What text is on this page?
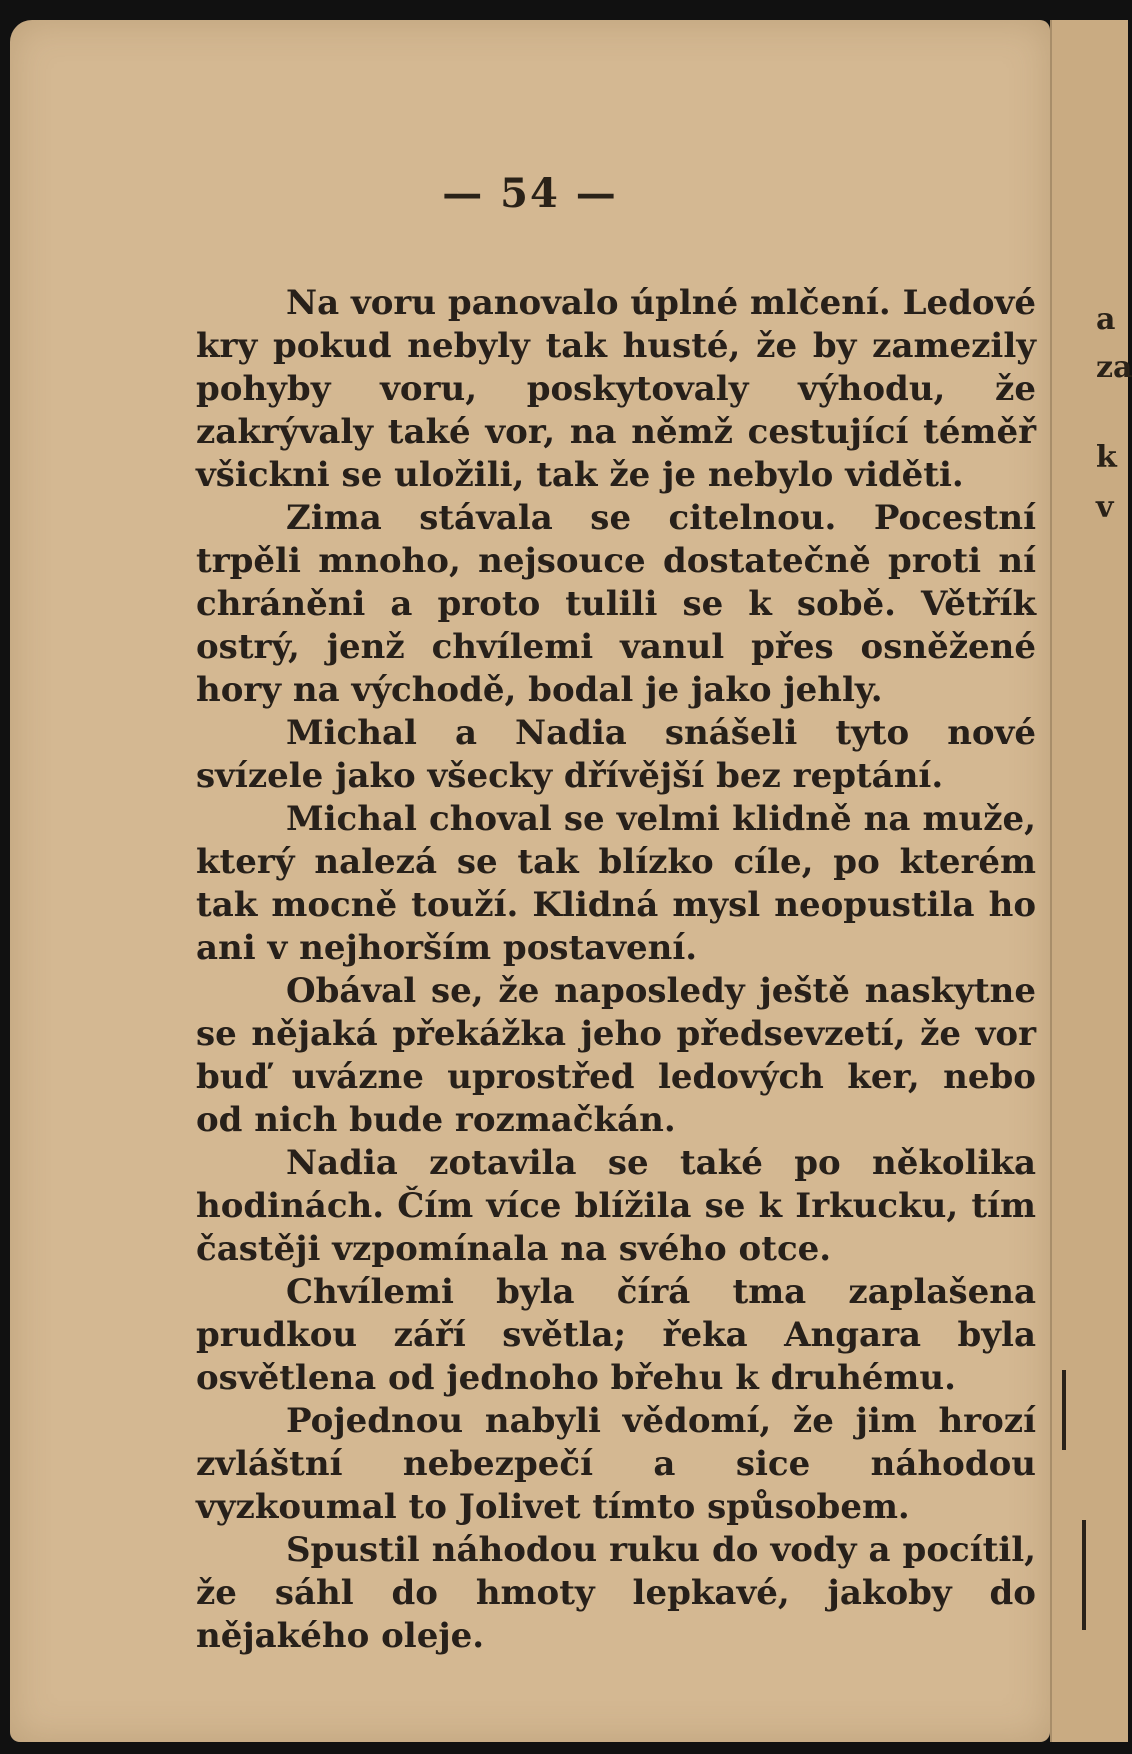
— 54 —

Na voru panovalo úplné mlčení. Ledové kry pokud nebyly tak husté, že by zamezily pohyby voru, poskytovaly výhodu, že zakrývaly také vor, na němž cestující téměř všickni se uložili, tak že je nebylo viděti.

Zima stávala se citelnou. Pocestní trpěli mnoho, nejsouce dostatečně proti ní chráněni a proto tulili se k sobě. Větřík ostrý, jenž chvílemi vanul přes osněžené hory na východě, bodal je jako jehly.

Michal a Nadia snášeli tyto nové svízele jako všecky dřívější bez reptání.

Michal choval se velmi klidně na muže, který nalezá se tak blízko cíle, po kterém tak mocně touží. Klidná mysl neopustila ho ani v nejhorším postavení.

Obával se, že naposledy ještě naskytne se nějaká překážka jeho předsevzetí, že vor buď uvázne uprostřed ledových ker, nebo od nich bude rozmačkán.

Nadia zotavila se také po několika hodinách. Čím více blížila se k Irkucku, tím častěji vzpomínala na svého otce.

Chvílemi byla čírá tma zaplašena prudkou září světla; řeka Angara byla osvětlena od jednoho břehu k druhému.

Pojednou nabyli vědomí, že jim hrozí zvláštní nebezpečí a sice náhodou vyzkoumal to Jolivet tímto spůsobem.

Spustil náhodou ruku do vody a pocítil, že sáhl do hmoty lepkavé, jakoby do nějakého oleje.

a
za
k
v
